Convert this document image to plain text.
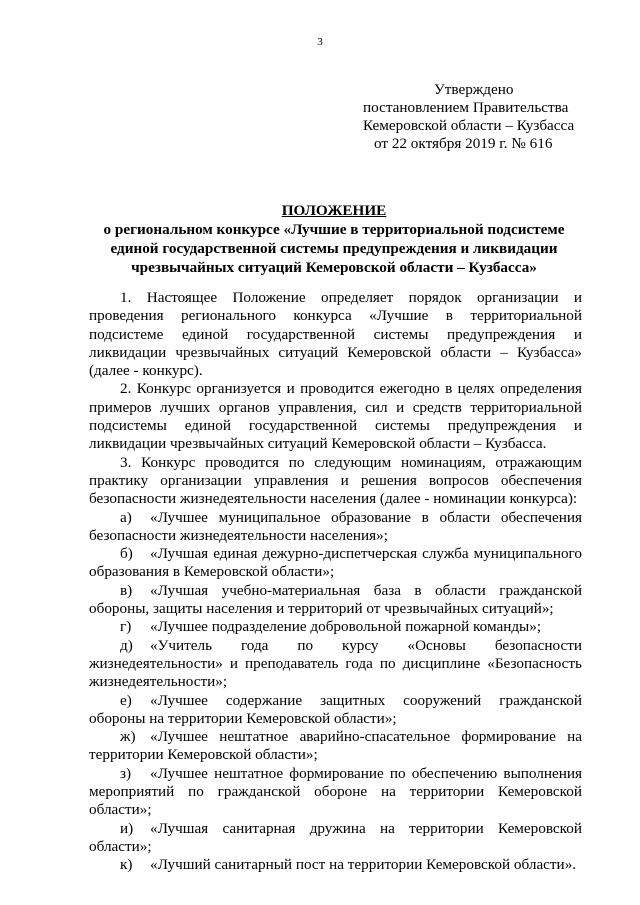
3
Утверждено
постановлением Правительства
Кемеровской области – Кузбасса
от 22 октября 2019 г. № 616
ПОЛОЖЕНИЕ
о региональном конкурсе «Лучшие в территориальной подсистеме единой государственной системы предупреждения и ликвидации чрезвычайных ситуаций Кемеровской области – Кузбасса»

1. Настоящее Положение определяет порядок организации и проведения регионального конкурса «Лучшие в территориальной подсистеме единой государственной системы предупреждения и ликвидации чрезвычайных ситуаций Кемеровской области – Кузбасса» (далее - конкурс).

2. Конкурс организуется и проводится ежегодно в целях определения примеров лучших органов управления, сил и средств территориальной подсистемы единой государственной системы предупреждения и ликвидации чрезвычайных ситуаций Кемеровской области – Кузбасса.

3. Конкурс проводится по следующим номинациям, отражающим практику организации управления и решения вопросов обеспечения безопасности жизнедеятельности населения (далее - номинации конкурса):

а) «Лучшее муниципальное образование в области обеспечения безопасности жизнедеятельности населения»;

б) «Лучшая единая дежурно-диспетчерская служба муниципального образования в Кемеровской области»;

в) «Лучшая учебно-материальная база в области гражданской обороны, защиты населения и территорий от чрезвычайных ситуаций»;

г) «Лучшее подразделение добровольной пожарной команды»;

д) «Учитель года по курсу «Основы безопасности жизнедеятельности» и преподаватель года по дисциплине «Безопасность жизнедеятельности»;

е) «Лучшее содержание защитных сооружений гражданской обороны на территории Кемеровской области»;

ж) «Лучшее нештатное аварийно-спасательное формирование на территории Кемеровской области»;

з) «Лучшее нештатное формирование по обеспечению выполнения мероприятий по гражданской обороне на территории Кемеровской области»;

и) «Лучшая санитарная дружина на территории Кемеровской области»;

к) «Лучший санитарный пост на территории Кемеровской области».
